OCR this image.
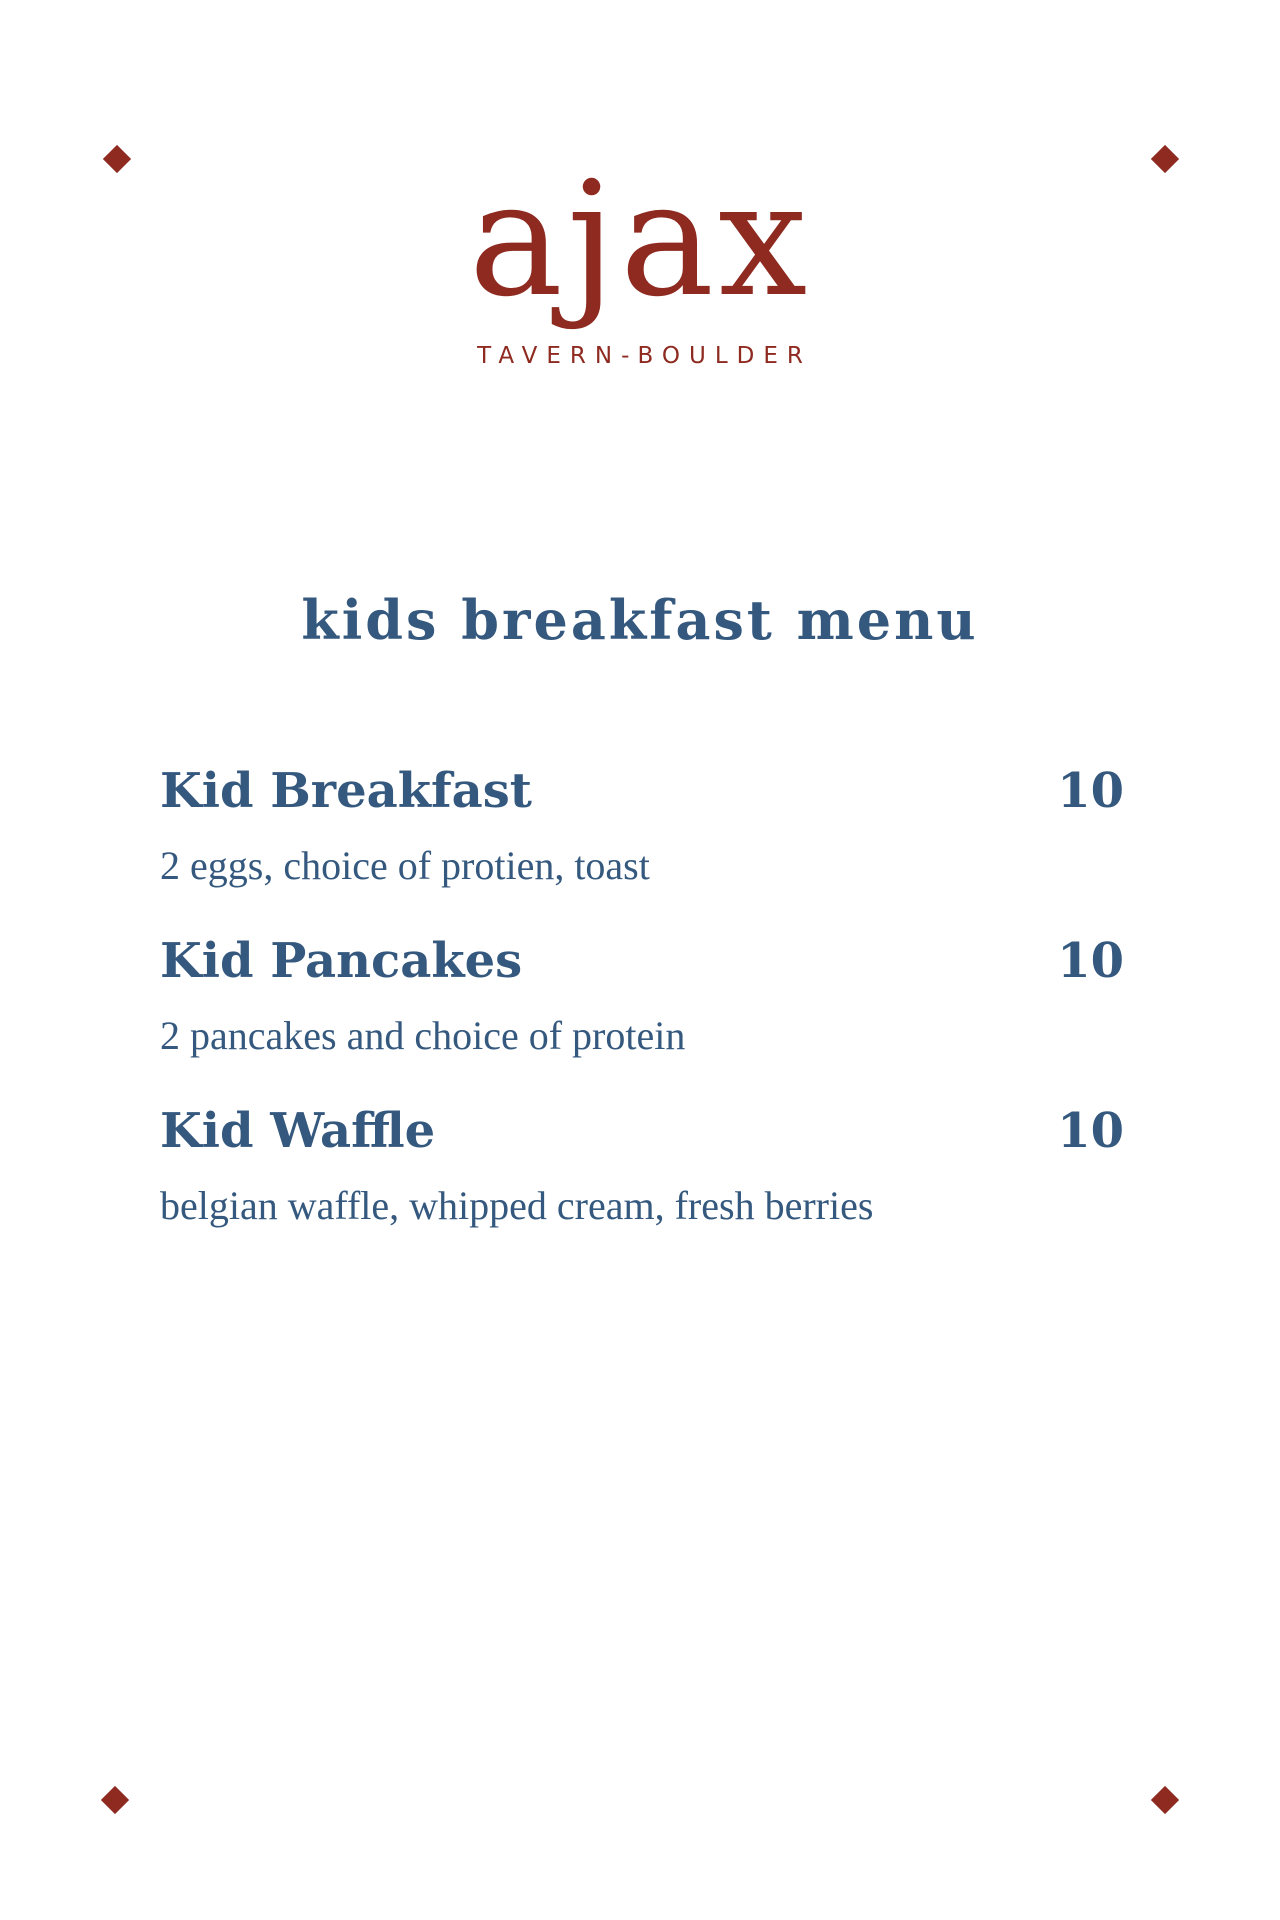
ajax
TAVERN-BOULDER
kids breakfast menu
Kid Breakfast	10
2 eggs, choice of protien, toast
Kid Pancakes	10
2 pancakes and choice of protein
Kid Waffle	10
belgian waffle, whipped cream, fresh berries
